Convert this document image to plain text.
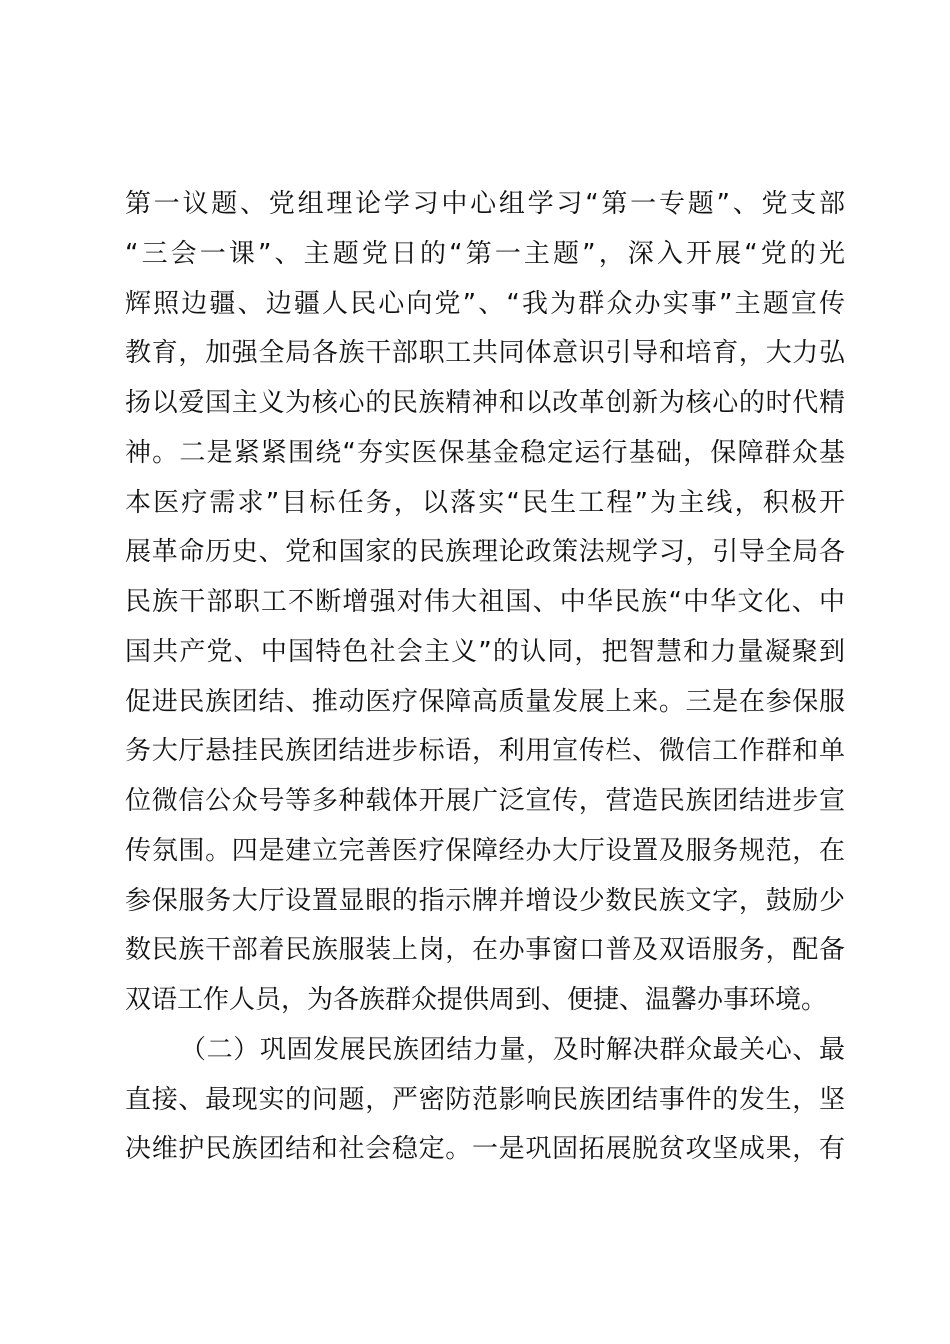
第一议题、党组理论学习中心组学习“第一专题”、党支部
“三会一课”、主题党日的“第一主题”，深入开展“党的光
辉照边疆、边疆人民心向党”、“我为群众办实事”主题宣传
教育，加强全局各族干部职工共同体意识引导和培育，大力弘
扬以爱国主义为核心的民族精神和以改革创新为核心的时代精
神。二是紧紧围绕“夯实医保基金稳定运行基础，保障群众基
本医疗需求”目标任务，以落实“民生工程”为主线，积极开
展革命历史、党和国家的民族理论政策法规学习，引导全局各
民族干部职工不断增强对伟大祖国、中华民族“中华文化、中
国共产党、中国特色社会主义”的认同，把智慧和力量凝聚到
促进民族团结、推动医疗保障高质量发展上来。三是在参保服
务大厅悬挂民族团结进步标语，利用宣传栏、微信工作群和单
位微信公众号等多种载体开展广泛宣传，营造民族团结进步宣
传氛围。四是建立完善医疗保障经办大厅设置及服务规范，在
参保服务大厅设置显眼的指示牌并增设少数民族文字，鼓励少
数民族干部着民族服装上岗，在办事窗口普及双语服务，配备
双语工作人员，为各族群众提供周到、便捷、温馨办事环境。
（二）巩固发展民族团结力量，及时解决群众最关心、最
直接、最现实的问题，严密防范影响民族团结事件的发生，坚
决维护民族团结和社会稳定。一是巩固拓展脱贫攻坚成果，有
